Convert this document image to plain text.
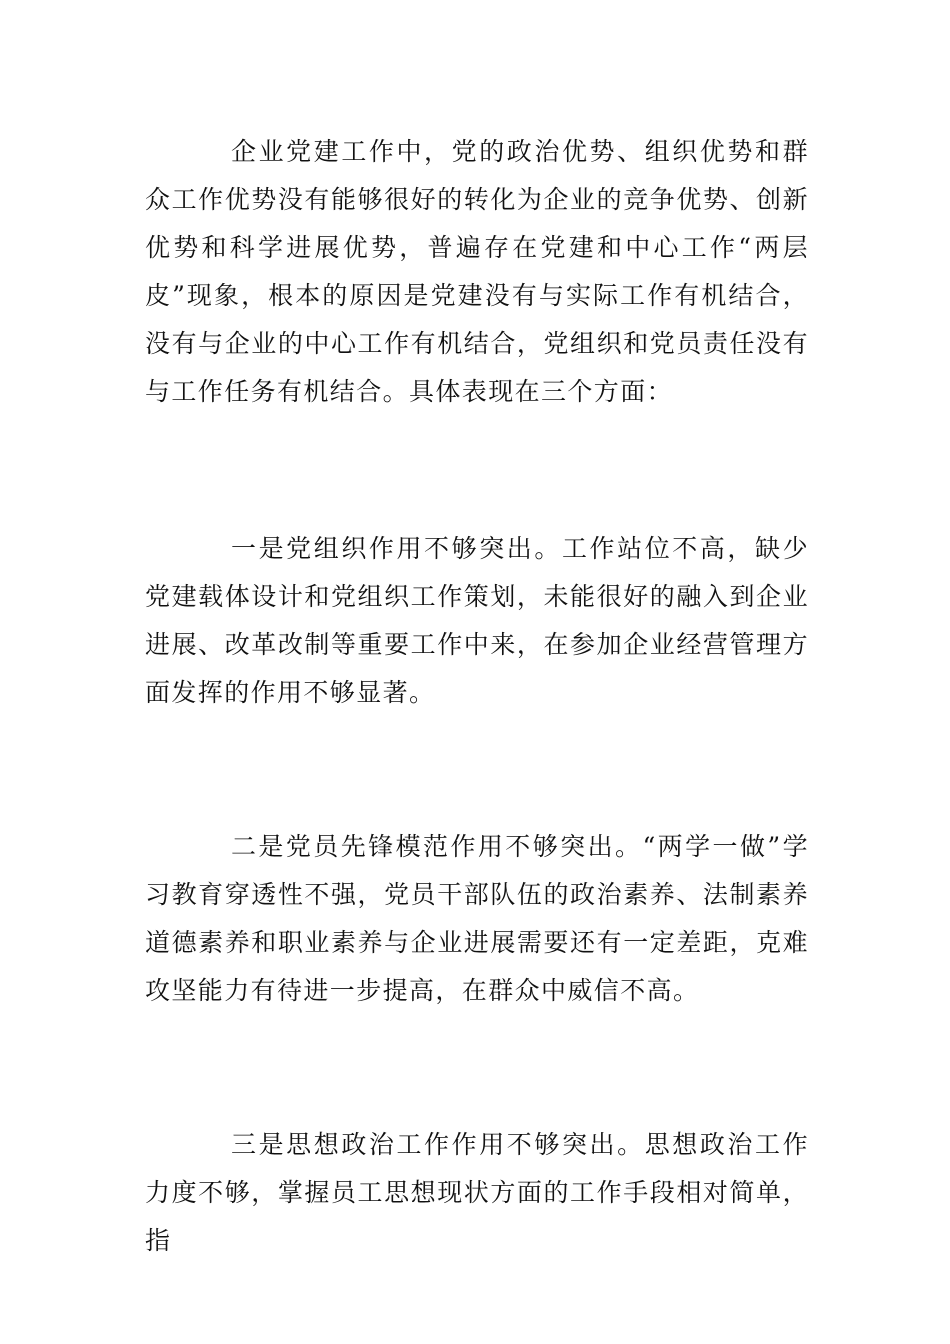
企业党建工作中，党的政治优势、组织优势和群众工作优势没有能够很好的转化为企业的竞争优势、创新优势和科学进展优势，普遍存在党建和中心工作“两层皮”现象，根本的原因是党建没有与实际工作有机结合，没有与企业的中心工作有机结合，党组织和党员责任没有与工作任务有机结合。具体表现在三个方面：

一是党组织作用不够突出。工作站位不高，缺少党建载体设计和党组织工作策划，未能很好的融入到企业进展、改革改制等重要工作中来，在参加企业经营管理方面发挥的作用不够显著。

二是党员先锋模范作用不够突出。“两学一做”学习教育穿透性不强，党员干部队伍的政治素养、法制素养道德素养和职业素养与企业进展需要还有一定差距，克难攻坚能力有待进一步提高，在群众中威信不高。

三是思想政治工作作用不够突出。思想政治工作力度不够，掌握员工思想现状方面的工作手段相对简单，指
